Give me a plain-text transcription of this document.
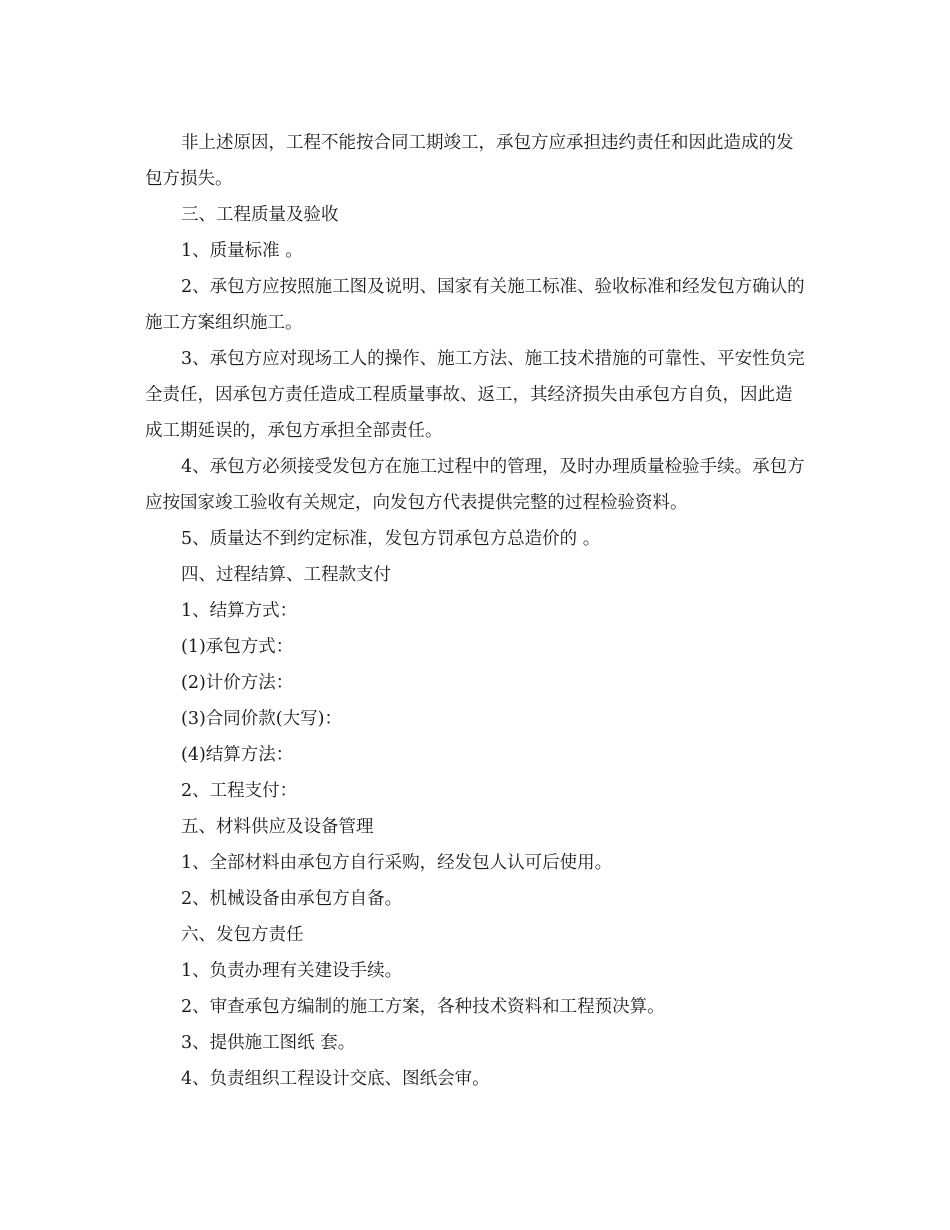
非上述原因，工程不能按合同工期竣工，承包方应承担违约责任和因此造成的发包方损失。

三、工程质量及验收

1、质量标准 。

2、承包方应按照施工图及说明、国家有关施工标准、验收标准和经发包方确认的施工方案组织施工。

3、承包方应对现场工人的操作、施工方法、施工技术措施的可靠性、平安性负完全责任，因承包方责任造成工程质量事故、返工，其经济损失由承包方自负，因此造成工期延误的，承包方承担全部责任。

4、承包方必须接受发包方在施工过程中的管理，及时办理质量检验手续。承包方应按国家竣工验收有关规定，向发包方代表提供完整的过程检验资料。

5、质量达不到约定标准，发包方罚承包方总造价的 。

四、过程结算、工程款支付

1、结算方式：

(1)承包方式：

(2)计价方法：

(3)合同价款(大写)：

(4)结算方法：

2、工程支付：

五、材料供应及设备管理

1、全部材料由承包方自行采购，经发包人认可后使用。

2、机械设备由承包方自备。

六、发包方责任

1、负责办理有关建设手续。

2、审查承包方编制的施工方案，各种技术资料和工程预决算。

3、提供施工图纸 套。

4、负责组织工程设计交底、图纸会审。
